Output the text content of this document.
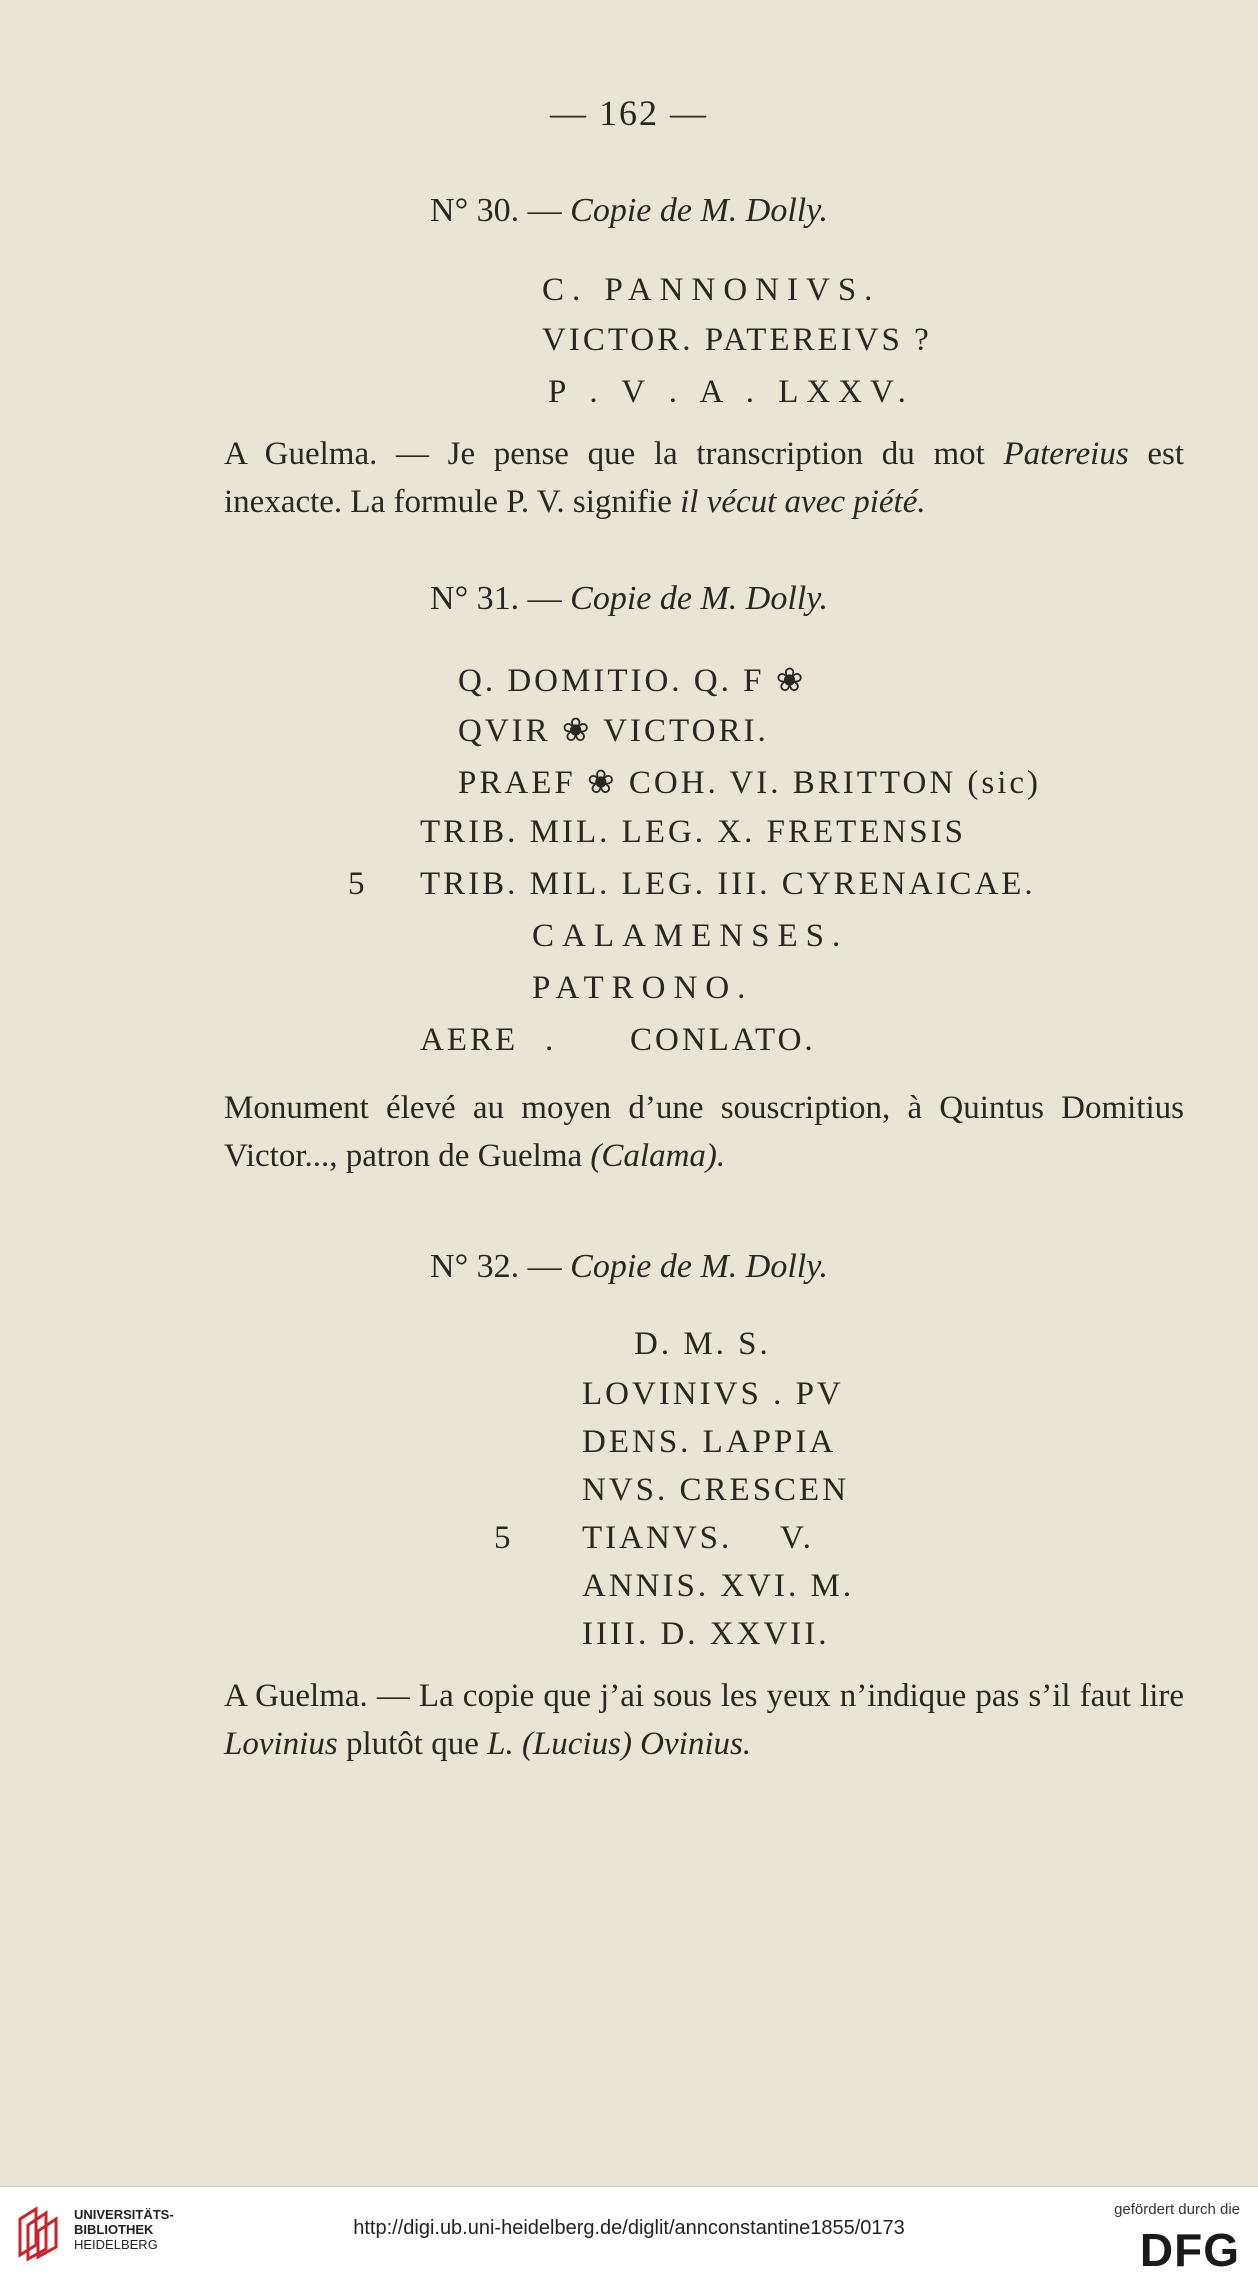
— 162 —
N° 30. — Copie de M. Dolly.
C. PANNONIVS.
VICTOR. PATEREIVS ?
P . V . A . LXXV.
A Guelma. — Je pense que la transcription du mot Patereius est inexacte. La formule P. V. signifie il vécut avec piété.
N° 31. — Copie de M. Dolly.
Q. DOMITIO. Q. F ❀
QVIR ❀ VICTORI.
PRAEF ❀ COH. VI. BRITTON (sic)
TRIB. MIL. LEG. X. FRETENSIS
5 TRIB. MIL. LEG. III. CYRENAICAE.
CALAMENSES.
PATRONO.
AERE . CONLATO.
Monument élevé au moyen d’une souscription, à Quintus Domitius Victor..., patron de Guelma (Calama).
N° 32. — Copie de M. Dolly.
D. M. S.
LOVINIVS . PV
DENS. LAPPIA
NVS. CRESCEN
5 TIANVS. V.
ANNIS. XVI. M.
IIII. D. XXVII.
A Guelma. — La copie que j’ai sous les yeux n’indique pas s’il faut lire Lovinius plutôt que L. (Lucius) Ovinius.
UNIVERSITÄTS-
BIBLIOTHEK
HEIDELBERG
http://digi.ub.uni-heidelberg.de/diglit/annconstantine1855/0173
gefördert durch die
DFG
